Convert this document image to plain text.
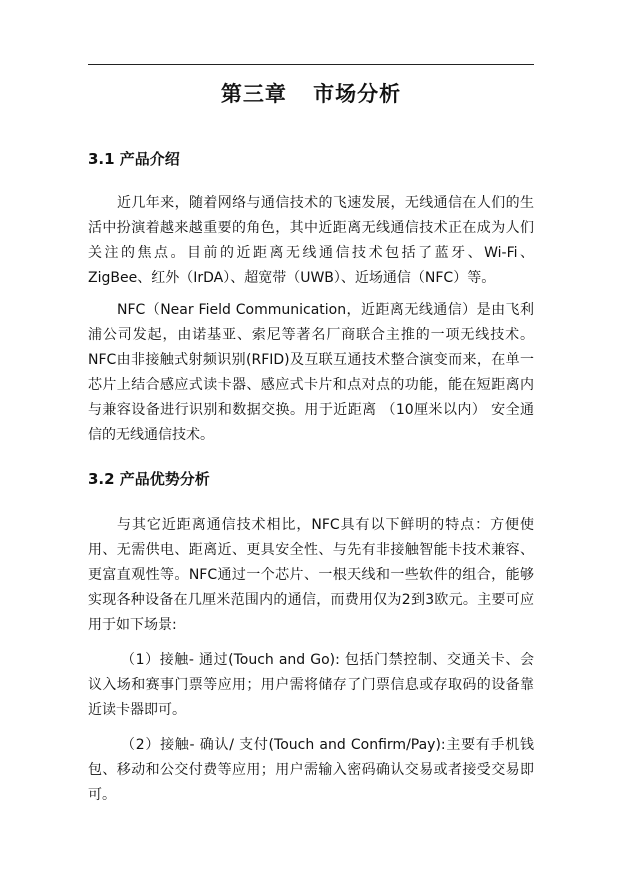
第三章 市场分析
3.1 产品介绍

近几年来，随着网络与通信技术的飞速发展，无线通信在人们的生活中扮演着越来越重要的角色，其中近距离无线通信技术正在成为人们关注的焦点。目前的近距离无线通信技术包括了蓝牙、Wi-Fi、ZigBee、红外（IrDA）、超宽带（UWB）、近场通信（NFC）等。

NFC（Near Field Communication，近距离无线通信）是由飞利浦公司发起，由诺基亚、索尼等著名厂商联合主推的一项无线技术。NFC由非接触式射频识别(RFID)及互联互通技术整合演变而来，在单一芯片上结合感应式读卡器、感应式卡片和点对点的功能，能在短距离内与兼容设备进行识别和数据交换。用于近距离 （10厘米以内） 安全通信的无线通信技术。

3.2 产品优势分析

与其它近距离通信技术相比，NFC具有以下鲜明的特点：方便使用、无需供电、距离近、更具安全性、与先有非接触智能卡技术兼容、更富直观性等。NFC通过一个芯片、一根天线和一些软件的组合，能够实现各种设备在几厘米范围内的通信，而费用仅为2到3欧元。主要可应用于如下场景:

（1）接触- 通过(Touch and Go): 包括门禁控制、交通关卡、会议入场和赛事门票等应用；用户需将储存了门票信息或存取码的设备靠近读卡器即可。

（2）接触- 确认/ 支付(Touch and Confirm/Pay):主要有手机钱包、移动和公交付费等应用；用户需输入密码确认交易或者接受交易即可。
